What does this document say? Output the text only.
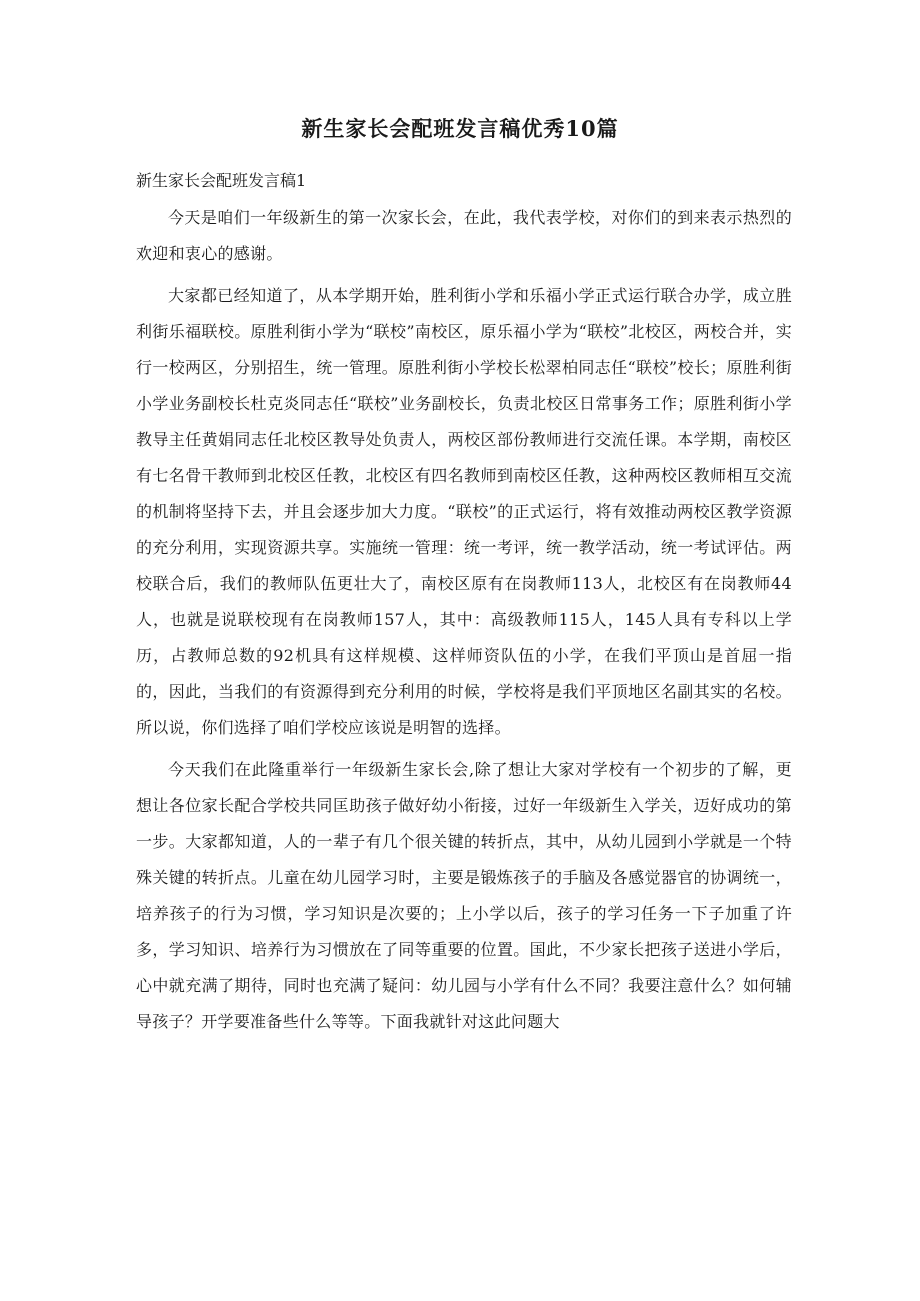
新生家长会配班发言稿优秀10篇
新生家长会配班发言稿1

今天是咱们一年级新生的第一次家长会，在此，我代表学校，对你们的到来表示热烈的欢迎和衷心的感谢。

大家都已经知道了，从本学期开始，胜利街小学和乐福小学正式运行联合办学，成立胜利街乐福联校。原胜利街小学为“联校”南校区，原乐福小学为“联校”北校区，两校合并，实行一校两区，分别招生，统一管理。原胜利街小学校长松翠柏同志任“联校”校长；原胜利街小学业务副校长杜克炎同志任“联校”业务副校长，负责北校区日常事务工作；原胜利街小学教导主任黄娟同志任北校区教导处负责人，两校区部份教师进行交流任课。本学期，南校区有七名骨干教师到北校区任教，北校区有四名教师到南校区任教，这种两校区教师相互交流的机制将坚持下去，并且会逐步加大力度。“联校”的正式运行，将有效推动两校区教学资源的充分利用，实现资源共享。实施统一管理：统一考评，统一教学活动，统一考试评估。两校联合后，我们的教师队伍更壮大了，南校区原有在岗教师113人，北校区有在岗教师44人，也就是说联校现有在岗教师157人，其中：高级教师115人，145人具有专科以上学历，占教师总数的92机具有这样规模、这样师资队伍的小学，在我们平顶山是首屈一指的，因此，当我们的有资源得到充分利用的时候，学校将是我们平顶地区名副其实的名校。所以说，你们选择了咱们学校应该说是明智的选择。

今天我们在此隆重举行一年级新生家长会,除了想让大家对学校有一个初步的了解，更想让各位家长配合学校共同匡助孩子做好幼小衔接，过好一年级新生入学关，迈好成功的第一步。大家都知道，人的一辈子有几个很关键的转折点，其中，从幼儿园到小学就是一个特殊关键的转折点。儿童在幼儿园学习时，主要是锻炼孩子的手脑及各感觉器官的协调统一，培养孩子的行为习惯，学习知识是次要的；上小学以后，孩子的学习任务一下子加重了许多，学习知识、培养行为习惯放在了同等重要的位置。国此，不少家长把孩子送进小学后，心中就充满了期待，同时也充满了疑问：幼儿园与小学有什么不同？我要注意什么？如何辅导孩子？开学要准备些什么等等。下面我就针对这此问题大
